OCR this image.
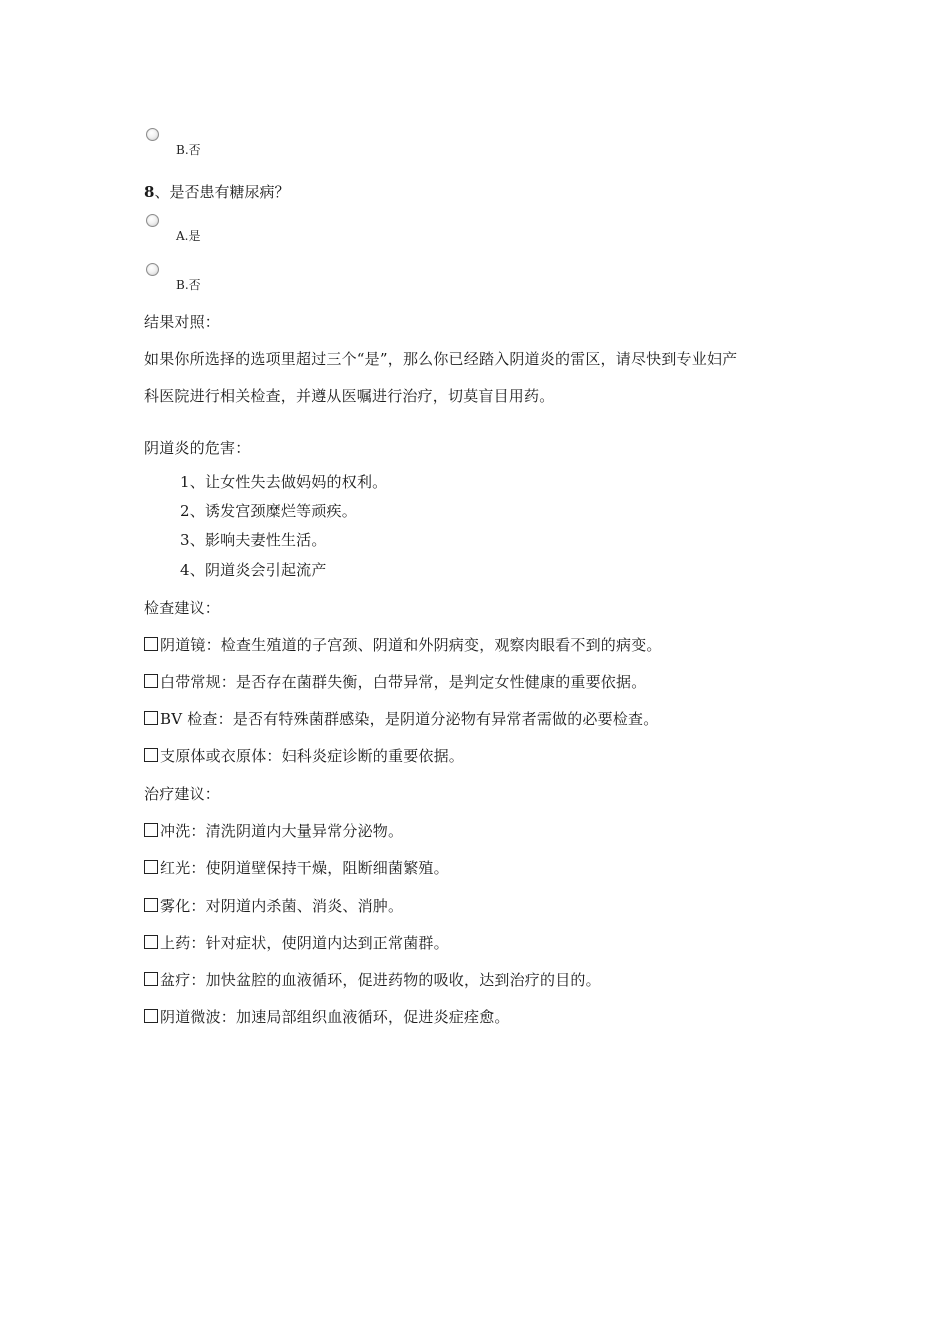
B.否
8、是否患有糖尿病？
A.是
B.否
结果对照：
如果你所选择的选项里超过三个“是”，那么你已经踏入阴道炎的雷区，请尽快到专业妇产
科医院进行相关检查，并遵从医嘱进行治疗，切莫盲目用药。
阴道炎的危害：
1、让女性失去做妈妈的权利。
2、诱发宫颈糜烂等顽疾。
3、影响夫妻性生活。
4、阴道炎会引起流产
检查建议：
阴道镜：检查生殖道的子宫颈、阴道和外阴病变，观察肉眼看不到的病变。
白带常规：是否存在菌群失衡，白带异常，是判定女性健康的重要依据。
BV 检查：是否有特殊菌群感染，是阴道分泌物有异常者需做的必要检查。
支原体或衣原体：妇科炎症诊断的重要依据。
治疗建议：
冲洗：清洗阴道内大量异常分泌物。
红光：使阴道壁保持干燥，阻断细菌繁殖。
雾化：对阴道内杀菌、消炎、消肿。
上药：针对症状，使阴道内达到正常菌群。
盆疗：加快盆腔的血液循环，促进药物的吸收，达到治疗的目的。
阴道微波：加速局部组织血液循环，促进炎症痊愈。
